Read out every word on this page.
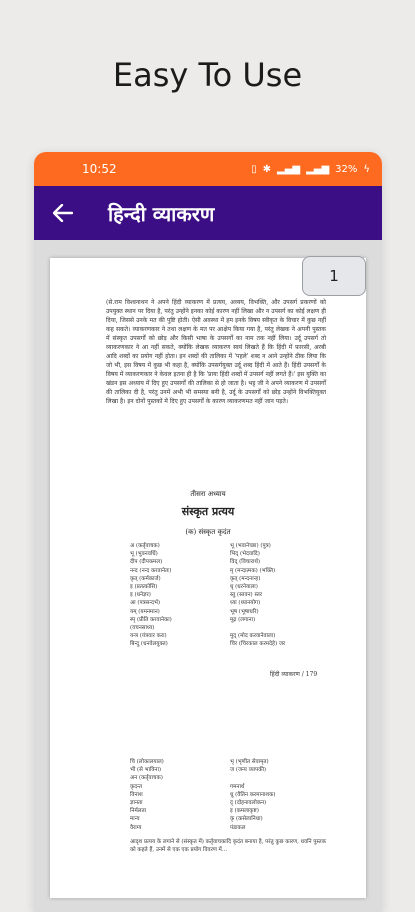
Easy To Use
10:52	▯ ✱ ▂▄▆ ▂▄▆ 32% ϟ
हिन्दी व्याकरण
(से.राम विश्वनाथन ने अपने हिंदी व्याकरण में प्रत्यय, अव्यय, विभक्ति, और उपसर्ग प्रकरणों को उपयुक्त स्थान पर दिया है, परंतु उन्होंने इनका कोई कारण नहीं लिखा और न उपसर्ग का कोई लक्षण ही दिया, जिससे उनके मत की पुष्टि होती। ऐसी अवस्था में हम इनके विषय स्वीकृत के विचार में कुछ नहीं कह सकते। व्याकरणकार ने तथा लक्षण के मत पर आक्षेप किया गया है, परंतु लेखक ने अपनी पुस्तक में संस्कृत उपसर्गों को छोड़ और किसी भाषा के उपसर्गों का नाम तक नहीं लिया। उर्दू उपसर्ग तो व्याकरणकार ने आ नहीं सकते, क्योंकि लेखक व्याकरण स्वयं लिखते हैं कि हिंदी में फ़ारसी, अरबी आदि शब्दों का प्रयोग नहीं होता। इन शब्दों की तालिका में 'पहले' शब्द न आने उन्होंने ठीक लिया कि जो भी, इस विषय में कुछ भी कहा है, क्योंकि उपसर्गयुक्त उर्दू शब्द हिंदी में आते हैं। हिंदी उपसर्गों के विषय में व्याकरणकार ने केवल इतना ही है कि 'प्रायः हिंदी शब्दों में उपसर्ग नहीं लगते हैं।' इस युक्ति का खंडन इस अध्याय में दिए हुए उपसर्गों की तालिका से हो जाता है। भट्ट जी ने अपने व्याकरण में उपसर्गों की तालिका दी है, परंतु उनमें अभी भी समस्या बनी है, उर्दू के उपसर्गों को छोड़ उन्होंने विभक्तियुक्त लिखा है। इन दोनों पुस्तकों में दिए हुए उपसर्गों के कारण व्याकरणमत नहीं जान पड़ते।
तीसरा अध्याय
संस्कृत प्रत्यय
(क) संस्कृत कृदंत
अ (कर्तृवाचक)	भू (भवानेच्छा) (पुत्र)
भू (भुवनवर्धि)	भिद् (भेदवादि)
दीप (दीपकमल)	विद् (विचारार्थ)
नन्द (नन्द करवानेतः)	मृ (मन्दात्मक) (भक्ति)
कृत् (कर्मकार्ज)	कृत् (मन्दनान्ह)
इ (प्रतत्कोसि)	धृ (धरनेयाला)
इ (धनेज्ञर)	स्तु (स्तवन) स्तर
आ (पत्रसन्दर्भ)	ध्या (ध्यानयोग)
यम् (यमनमान)	भूष (भूषाधरि)
स्पृ (प्रीति करवानेका)	मूढ़ (लगाना)
(वचनसाध्य)
यन्त्र (यंत्रवार करा)	मुद् (मोद करवानेवाला)
बिन्दु (धनवेलयुक्त)	चिर (चिरकाल करमदेहे) जर
हिंदी व्याकरण / 179
चि (लोकालयाल)	भृ (भृणीत सेवामृत)
भी (से भाविना)	ज (जन्य व्यापकी)
अन (कर्तृवाचक)
कृदन्त	गमनार्थ
विनाश	धू (वैतिन करमानाशक)
ज्ञानता	दृ (दोहनावलोकन)
निर्मलता	इ (कमलाकृष्ट)
मान्य	कृ (कसेलानिधा)
वैराग्य	पंडाकल
आदृश प्रत्यय के लगाने से (संस्कृत में) कर्तृवाचकादि कृदंत बनाया है, परंतु कुछ कारण, धवनि पुस्तक को कहते हैं, उनमें से एक एक प्रयोग विवरण में...
1
